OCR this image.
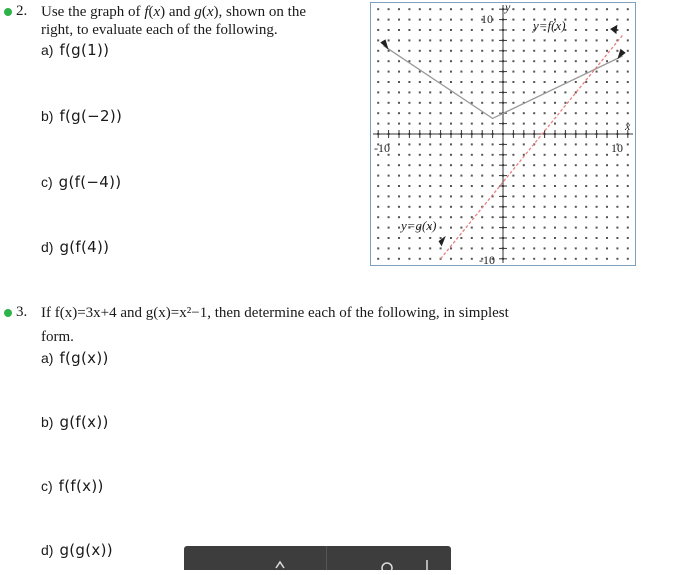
2. Use the graph of f(x) and g(x), shown on the
right, to evaluate each of the following.
a) f(g(1))
b) f(g(−2))
c) g(f(−4))
d) g(f(4))
10
-10
-10	10
x
y
y=f(x)
y=g(x)
3. If f(x)=3x+4 and g(x)=x²−1, then determine each of the following, in simplest
form.
a) f(g(x))
b) g(f(x))
c) f(f(x))
d) g(g(x))
